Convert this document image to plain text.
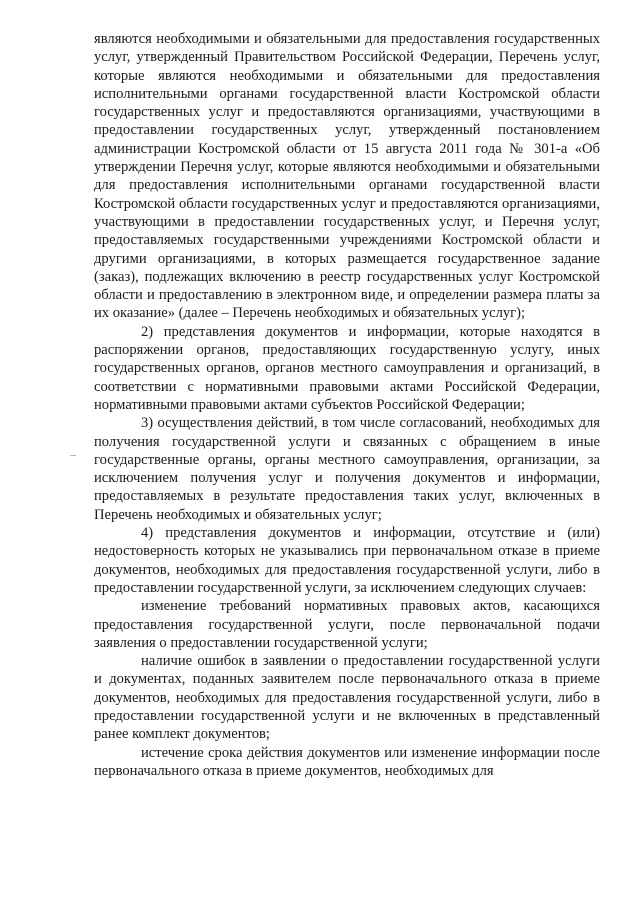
являются необходимыми и обязательными для предоставления государственных услуг, утвержденный Правительством Российской Федерации, Перечень услуг, которые являются необходимыми и обязательными для предоставления исполнительными органами государственной власти Костромской области государственных услуг и предоставляются организациями, участвующими в предоставлении государственных услуг, утвержденный постановлением администрации Костромской области от 15 августа 2011 года № 301-а «Об утверждении Перечня услуг, которые являются необходимыми и обязательными для предоставления исполнительными органами государственной власти Костромской области государственных услуг и предоставляются организациями, участвующими в предоставлении государственных услуг, и Перечня услуг, предоставляемых государственными учреждениями Костромской области и другими организациями, в которых размещается государственное задание (заказ), подлежащих включению в реестр государственных услуг Костромской области и предоставлению в электронном виде, и определении размера платы за их оказание» (далее – Перечень необходимых и обязательных услуг);

2) представления документов и информации, которые находятся в распоряжении органов, предоставляющих государственную услугу, иных государственных органов, органов местного самоуправления и организаций, в соответствии с нормативными правовыми актами Российской Федерации, нормативными правовыми актами субъектов Российской Федерации;

3) осуществления действий, в том числе согласований, необходимых для получения государственной услуги и связанных с обращением в иные государственные органы, органы местного самоуправления, организации, за исключением получения услуг и получения документов и информации, предоставляемых в результате предоставления таких услуг, включенных в Перечень необходимых и обязательных услуг;

4) представления документов и информации, отсутствие и (или) недостоверность которых не указывались при первоначальном отказе в приеме документов, необходимых для предоставления государственной услуги, либо в предоставлении государственной услуги, за исключением следующих случаев:

изменение требований нормативных правовых актов, касающихся предоставления государственной услуги, после первоначальной подачи заявления о предоставлении государственной услуги;

наличие ошибок в заявлении о предоставлении государственной услуги и документах, поданных заявителем после первоначального отказа в приеме документов, необходимых для предоставления государственной услуги, либо в предоставлении государственной услуги и не включенных в представленный ранее комплект документов;

истечение срока действия документов или изменение информации после первоначального отказа в приеме документов, необходимых для
